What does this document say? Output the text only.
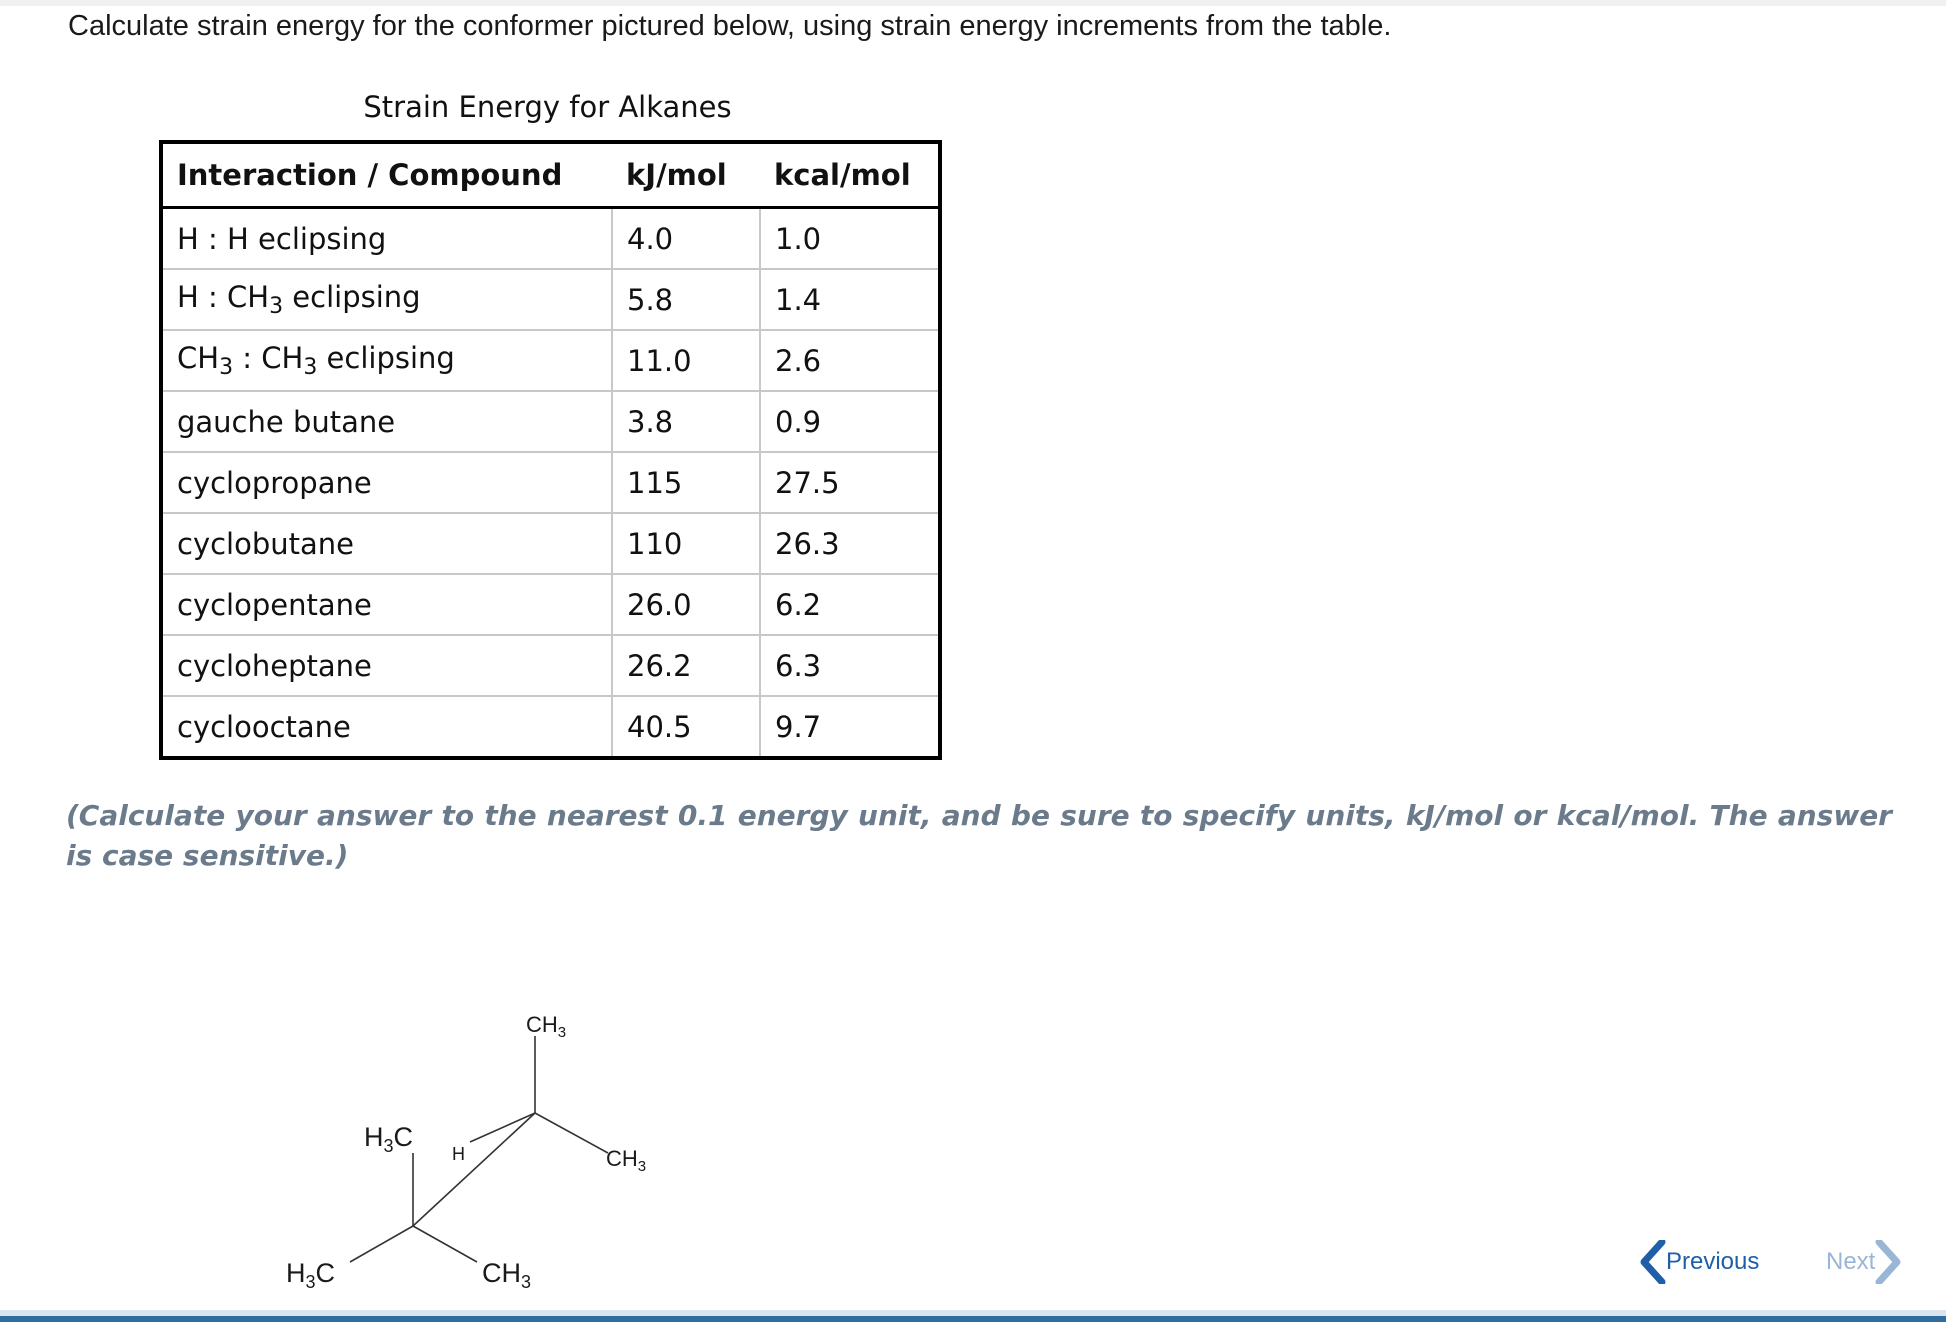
Calculate strain energy for the conformer pictured below, using strain energy increments from the table.
Strain Energy for Alkanes
Interaction / Compound	kJ/mol	kcal/mol
H : H eclipsing	4.0	1.0
H : $CH_3$ eclipsing	5.8	1.4
$CH_3$ : $CH_3$ eclipsing	11.0	2.6
gauche butane	3.8	0.9
cyclopropane	115	27.5
cyclobutane	110	26.3
cyclopentane	26.0	6.2
cycloheptane	26.2	6.3
cyclooctane	40.5	9.7
(Calculate your answer to the nearest 0.1 energy unit, and be sure to specify units, kJ/mol or kcal/mol. The answer is case sensitive.)
$CH_3$
$CH_3$
H
$H_3C$
$H_3C$	$CH_3$
Previous	Next
